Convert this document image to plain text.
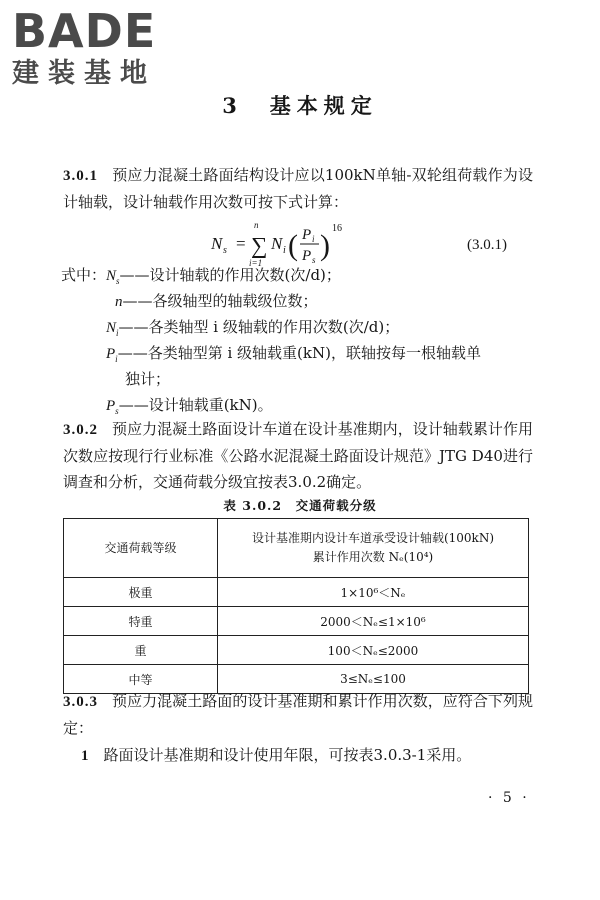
BADE
建装基地
3　基本规定
3.0.1 预应力混凝土路面结构设计应以100kN单轴-双轮组荷载作为设计轴载，设计轴载作用次数可按下式计算：
N s =
n
∑
i=1
N i ( P i
P s )
16
(3.0.1)
式中：$N_s——$设计轴载的作用次数(次/d)；
n——各级轴型的轴载级位数；
$N_i——$各类轴型 i 级轴载的作用次数(次/d)；
$P_i——$各类轴型第 i 级轴载重(kN)，联轴按每一根轴载单
独计；
$P_s——$设计轴载重(kN)。
3.0.2 预应力混凝土路面设计车道在设计基准期内，设计轴载累计作用次数应按现行行业标准《公路水泥混凝土路面设计规范》JTG D40进行调查和分析，交通荷载分级宜按表3.0.2确定。
表 3.0.2　交通荷载分级
交通荷载等级	设计基准期内设计车道承受设计轴载(100kN)
累计作用次数 Nₑ(10⁴)

极重	1×10⁶＜Nₑ
特重	2000＜Nₑ≤1×10⁶
重	100＜Nₑ≤2000
中等	3≤Nₑ≤100
3.0.3 预应力混凝土路面的设计基准期和累计作用次数，应符合下列规定：
1 路面设计基准期和设计使用年限，可按表3.0.3-1采用。
· 5 ·
